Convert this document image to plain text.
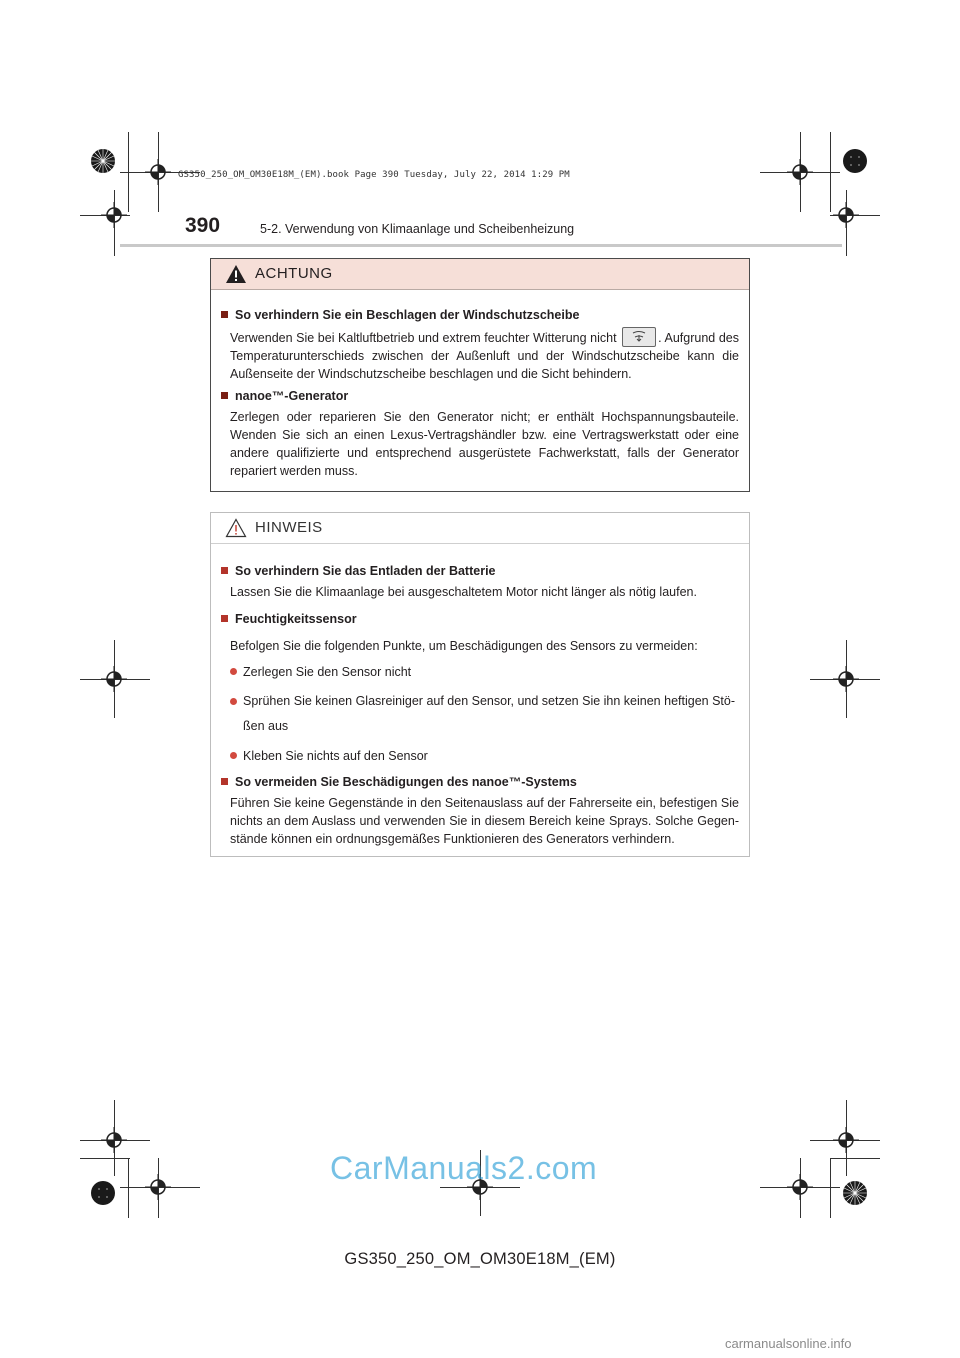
GS350_250_OM_OM30E18M_(EM).book Page 390 Tuesday, July 22, 2014 1:29 PM
390	5-2. Verwendung von Klimaanlage und Scheibenheizung
ACHTUNG
So verhindern Sie ein Beschlagen der Windschutzscheibe
Verwenden Sie bei Kaltluftbetrieb und extrem feuchter Witterung nicht	. Aufgrund des Temperaturunterschieds zwischen der Außenluft und der Windschutzscheibe kann die Außenseite der Windschutzscheibe beschlagen und die Sicht behindern.
nanoe™-Generator
Zerlegen oder reparieren Sie den Generator nicht; er enthält Hochspannungsbauteile. Wenden Sie sich an einen Lexus-Vertragshändler bzw. eine Vertragswerkstatt oder eine andere qualifizierte und entsprechend ausgerüstete Fachwerkstatt, falls der Generator repariert werden muss.
HINWEIS
So verhindern Sie das Entladen der Batterie
Lassen Sie die Klimaanlage bei ausgeschaltetem Motor nicht länger als nötig laufen.
Feuchtigkeitssensor
Befolgen Sie die folgenden Punkte, um Beschädigungen des Sensors zu vermeiden:
Zerlegen Sie den Sensor nicht
Sprühen Sie keinen Glasreiniger auf den Sensor, und setzen Sie ihn keinen heftigen Stö-ßen aus
Kleben Sie nichts auf den Sensor
So vermeiden Sie Beschädigungen des nanoe™-Systems
Führen Sie keine Gegenstände in den Seitenauslass auf der Fahrerseite ein, befestigen Sie nichts an dem Auslass und verwenden Sie in diesem Bereich keine Sprays. Solche Gegen-stände können ein ordnungsgemäßes Funktionieren des Generators verhindern.
CarManuals2.com
GS350_250_OM_OM30E18M_(EM)
carmanualsonline.info
